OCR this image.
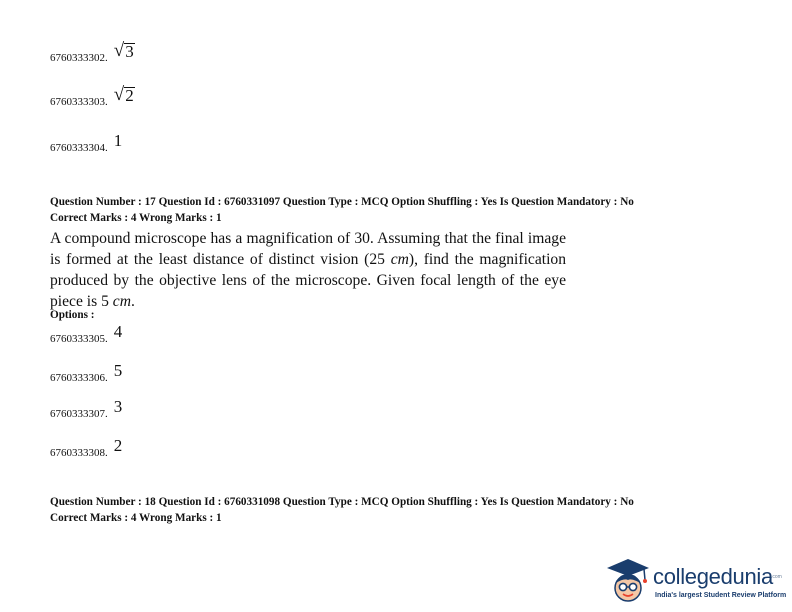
6760333302. √ 3
6760333303. √ 2
6760333304. 1
Question Number : 17 Question Id : 6760331097 Question Type : MCQ Option Shuffling : Yes Is Question Mandatory : No
Correct Marks : 4 Wrong Marks : 1
A compound microscope has a magnification of 30. Assuming that the final image is formed at the least distance of distinct vision (25 cm), find the magnification produced by the objective lens of the microscope. Given focal length of the eye piece is 5 cm.
Options :
6760333305. 4
6760333306. 5
6760333307. 3
6760333308. 2
Question Number : 18 Question Id : 6760331098 Question Type : MCQ Option Shuffling : Yes Is Question Mandatory : No
Correct Marks : 4 Wrong Marks : 1
collegedunia
.com
India's largest Student Review Platform
